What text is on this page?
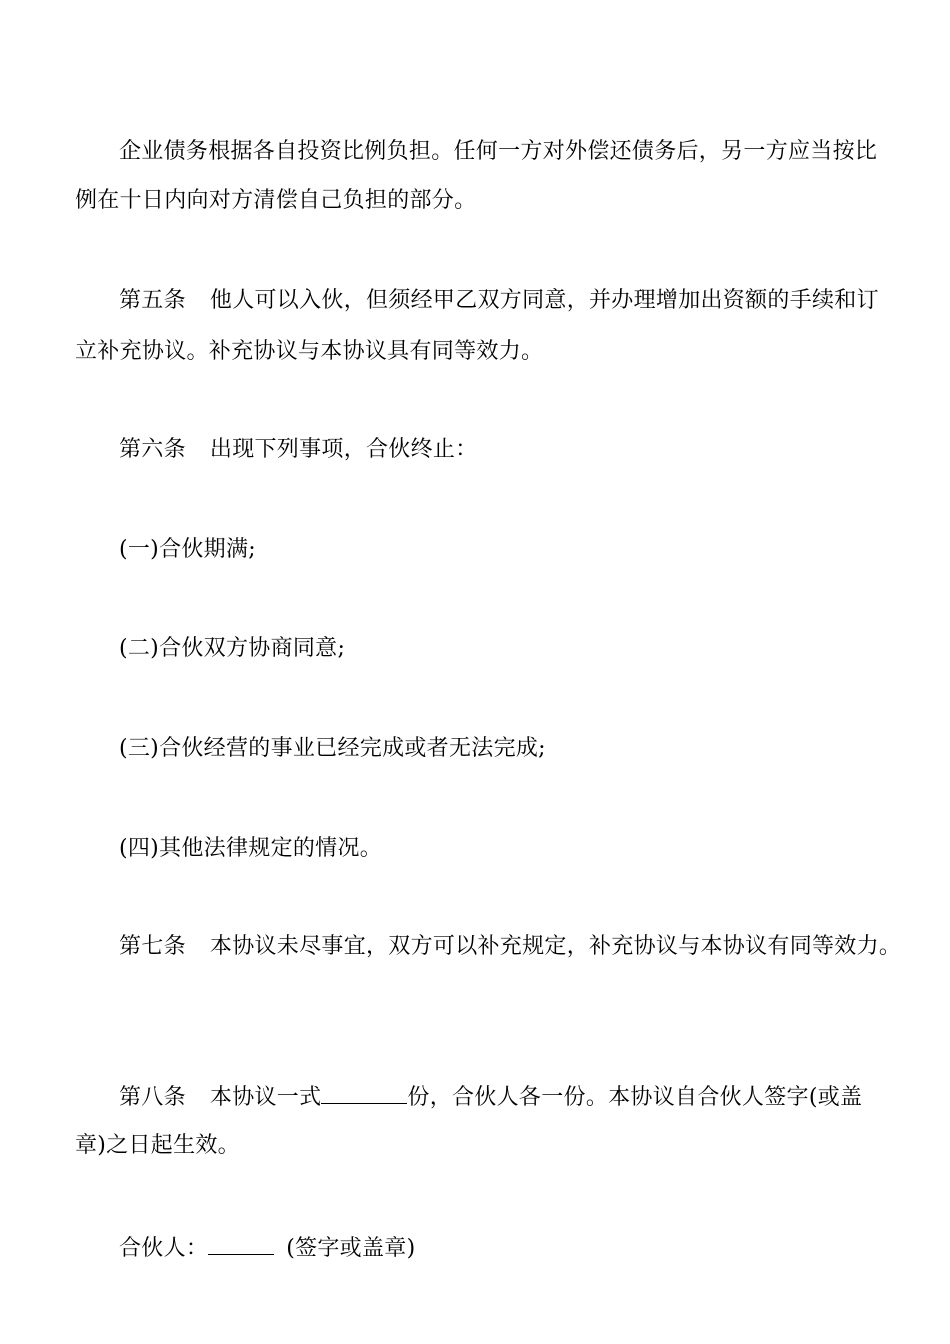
企业债务根据各自投资比例负担。任何一方对外偿还债务后，另一方应当按比
例在十日内向对方清偿自己负担的部分。
第五条 他人可以入伙，但须经甲乙双方同意，并办理增加出资额的手续和订
立补充协议。补充协议与本协议具有同等效力。
第六条 出现下列事项，合伙终止：
(一)合伙期满;
(二)合伙双方协商同意;
(三)合伙经营的事业已经完成或者无法完成;
(四)其他法律规定的情况。
第七条 本协议未尽事宜，双方可以补充规定，补充协议与本协议有同等效力。
第八条 本协议一式	份，合伙人各一份。本协议自合伙人签字(或盖
章)之日起生效。
合伙人：	(签字或盖章)
